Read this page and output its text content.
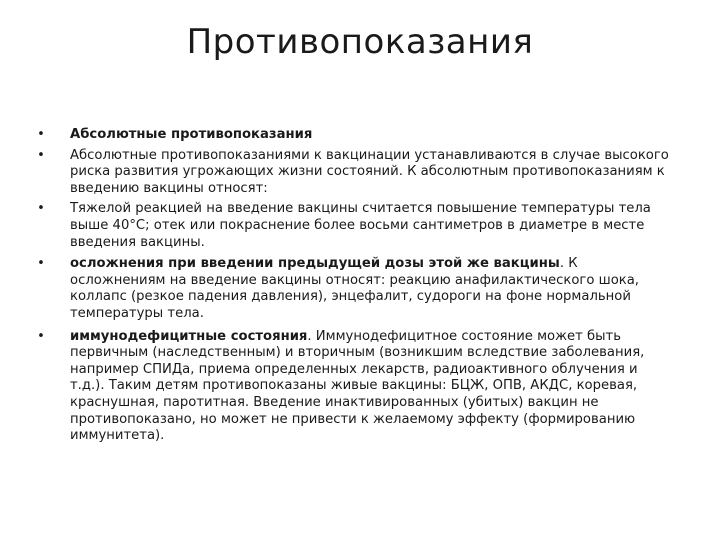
Противопоказания
• Абсолютные противопоказания
• Абсолютные противопоказаниями к вакцинации устанавливаются в случае высокого риска развития угрожающих жизни состояний. К абсолютным противопоказаниям к введению вакцины относят:
• Тяжелой реакцией на введение вакцины считается повышение температуры тела выше 40°С; отек или покраснение более восьми сантиметров в диаметре в месте введения вакцины.
• осложнения при введении предыдущей дозы этой же вакцины. К осложнениям на введение вакцины относят: реакцию анафилактического шока, коллапс (резкое падения давления), энцефалит, судороги на фоне нормальной температуры тела.
• иммунодефицитные состояния. Иммунодефицитное состояние может быть первичным (наследственным) и вторичным (возникшим вследствие заболевания, например СПИДа, приема определенных лекарств, радиоактивного облучения и т.д.). Таким детям противопоказаны живые вакцины: БЦЖ, ОПВ, АКДС, коревая, краснушная, паротитная. Введение инактивированных (убитых) вакцин не противопоказано, но может не привести к желаемому эффекту (формированию иммунитета).
